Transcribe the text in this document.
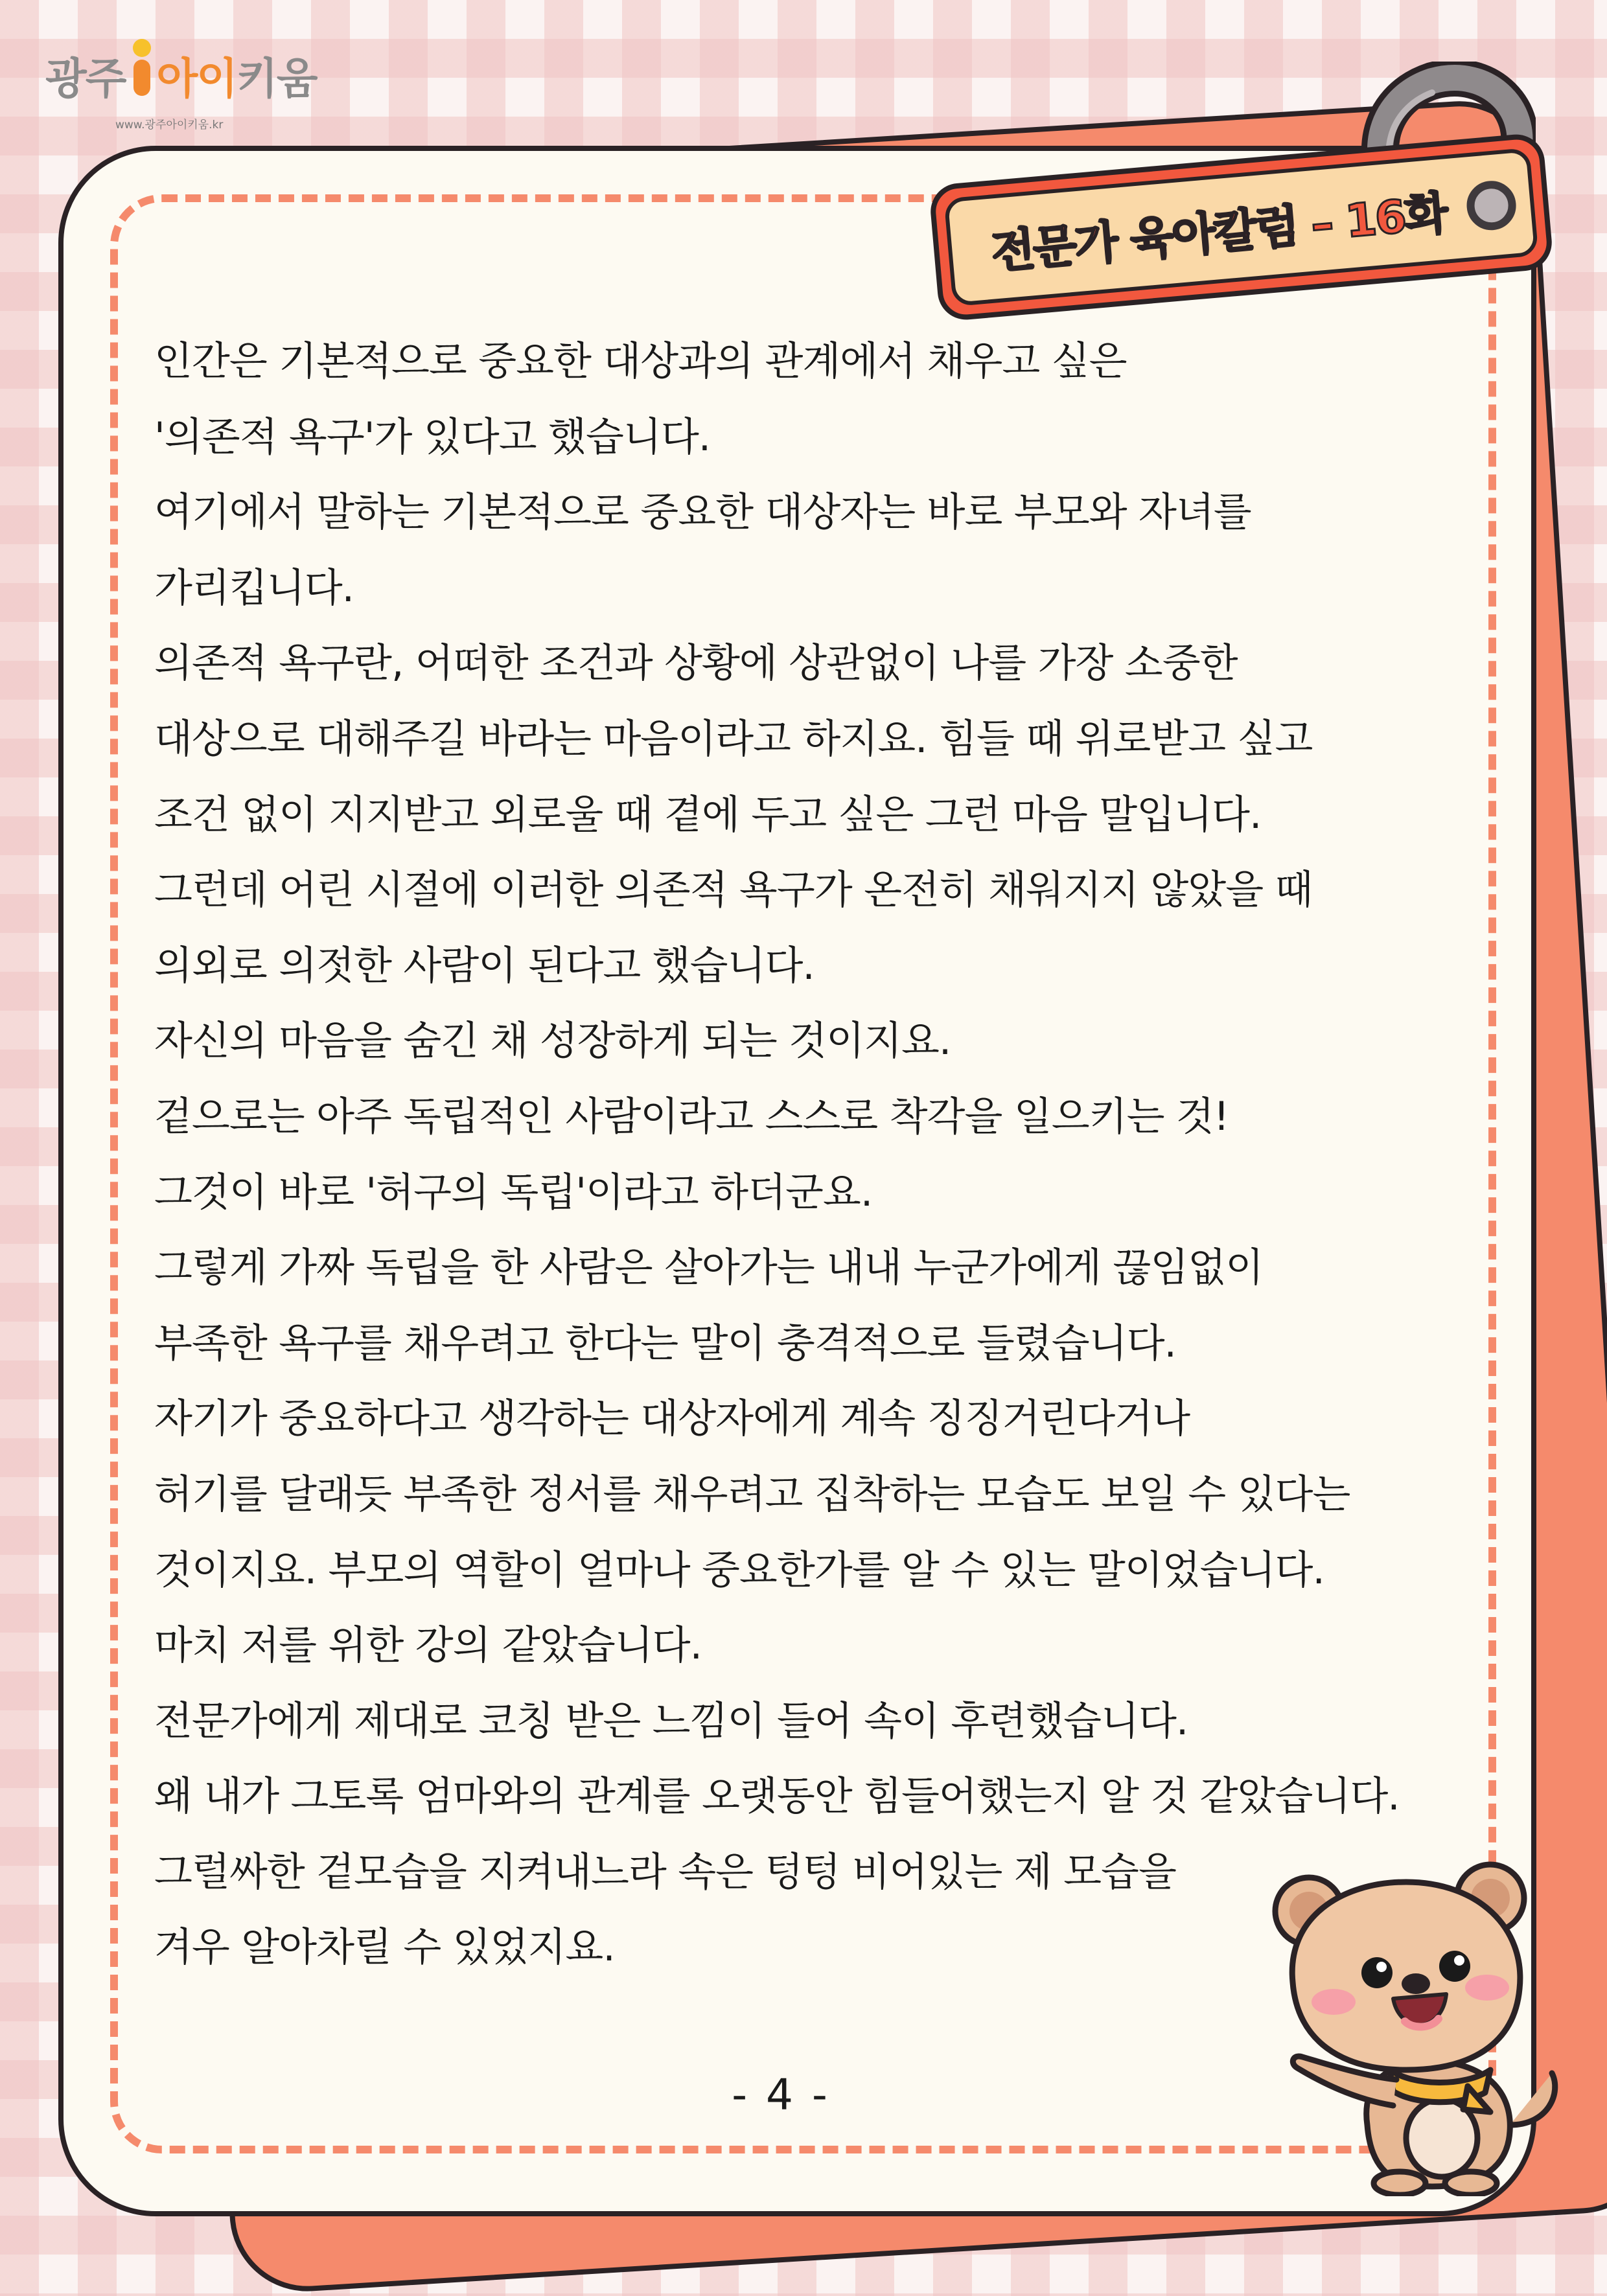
광주 아이키움
www.광주아이키움.kr
전문가 육아칼럼 – 16화
인간은 기본적으로 중요한 대상과의 관계에서 채우고 싶은
'의존적 욕구'가 있다고 했습니다.
여기에서 말하는 기본적으로 중요한 대상자는 바로 부모와 자녀를
가리킵니다.
의존적 욕구란, 어떠한 조건과 상황에 상관없이 나를 가장 소중한
대상으로 대해주길 바라는 마음이라고 하지요. 힘들 때 위로받고 싶고
조건 없이 지지받고 외로울 때 곁에 두고 싶은 그런 마음 말입니다.
그런데 어린 시절에 이러한 의존적 욕구가 온전히 채워지지 않았을 때
의외로 의젓한 사람이 된다고 했습니다.
자신의 마음을 숨긴 채 성장하게 되는 것이지요.
겉으로는 아주 독립적인 사람이라고 스스로 착각을 일으키는 것!
그것이 바로 '허구의 독립'이라고 하더군요.
그렇게 가짜 독립을 한 사람은 살아가는 내내 누군가에게 끊임없이
부족한 욕구를 채우려고 한다는 말이 충격적으로 들렸습니다.
자기가 중요하다고 생각하는 대상자에게 계속 징징거린다거나
허기를 달래듯 부족한 정서를 채우려고 집착하는 모습도 보일 수 있다는
것이지요. 부모의 역할이 얼마나 중요한가를 알 수 있는 말이었습니다.
마치 저를 위한 강의 같았습니다.
전문가에게 제대로 코칭 받은 느낌이 들어 속이 후련했습니다.
왜 내가 그토록 엄마와의 관계를 오랫동안 힘들어했는지 알 것 같았습니다.
그럴싸한 겉모습을 지켜내느라 속은 텅텅 비어있는 제 모습을
겨우 알아차릴 수 있었지요.
- 4 -
